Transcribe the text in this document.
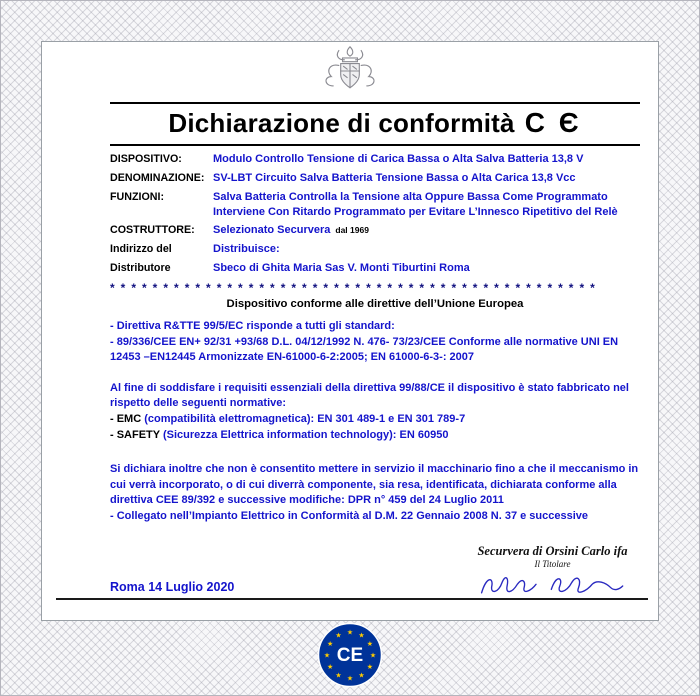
Dichiarazione di conformità C Є
DISPOSITIVO:	Modulo Controllo Tensione di Carica Bassa o Alta Salva Batteria 13,8 V
DENOMINAZIONE: SV-LBT Circuito Salva Batteria Tensione Bassa o Alta Carica 13,8 Vcc
FUNZIONI:	Salva Batteria Controlla la Tensione alta Oppure Bassa Come Programmato Interviene Con Ritardo Programmato per Evitare L’Innesco Ripetitivo del Relè
COSTRUTTORE:	Selezionato Securvera dal 1969
Indirizzo del	Distribuisce:
Distributore	Sbeco di Ghita Maria Sas V. Monti Tiburtini Roma
**********************************************
Dispositivo conforme alle direttive dell’Unione Europea
- Direttiva R&TTE 99/5/EC risponde a tutti gli standard:
- 89/336/CEE EN+ 92/31 +93/68 D.L. 04/12/1992 N. 476- 73/23/CEE Conforme alle normative UNI EN 12453 –EN12445 Armonizzate EN-61000-6-2:2005; EN 61000-6-3-: 2007
Al fine di soddisfare i requisiti essenziali della direttiva 99/88/CE il dispositivo è stato fabbricato nel rispetto delle seguenti normative:
- EMC (compatibilità elettromagnetica): EN 301 489-1 e EN 301 789-7
- SAFETY (Sicurezza Elettrica information technology): EN 60950
Si dichiara inoltre che non è consentito mettere in servizio il macchinario fino a che il meccanismo in cui verrà incorporato, o di cui diverrà componente, sia resa, identificata, dichiarata conforme alla direttiva CEE 89/392 e successive modifiche: DPR n° 459 del 24 Luglio 2011
- Collegato nell’Impianto Elettrico in Conformità al D.M. 22 Gennaio 2008 N. 37 e successive
Roma 14 Luglio 2020
Securvera di Orsini Carlo ifa
Il Titolare
★ ★
★
★
★
★
★
★
★
★
★
★
CE
